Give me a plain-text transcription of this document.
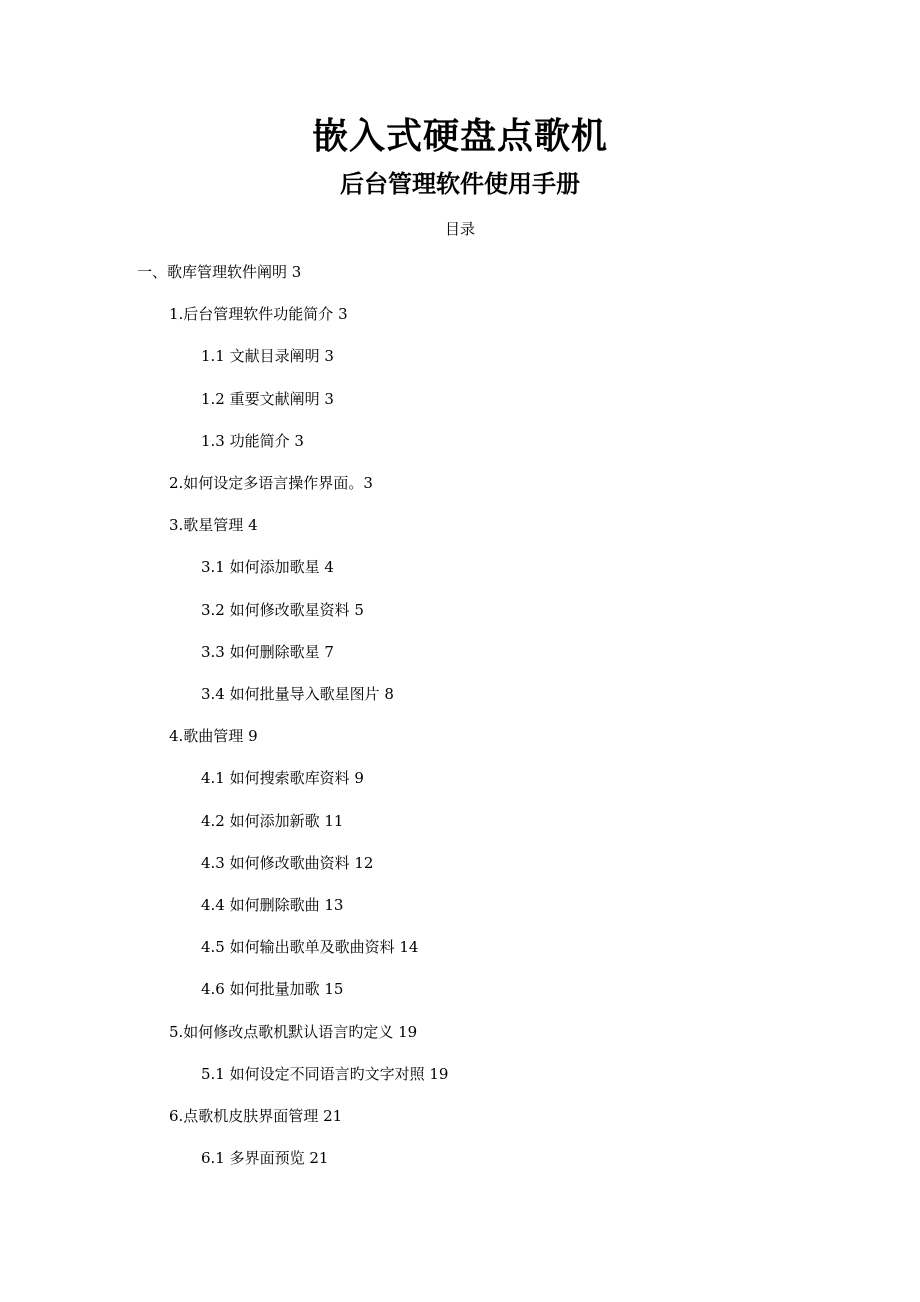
嵌入式硬盘点歌机
后台管理软件使用手册
目录
一、歌库管理软件阐明 3
1.后台管理软件功能简介 3
1.1 文献目录阐明 3
1.2 重要文献阐明 3
1.3 功能简介 3
2.如何设定多语言操作界面。3
3.歌星管理 4
3.1 如何添加歌星 4
3.2 如何修改歌星资料 5
3.3 如何删除歌星 7
3.4 如何批量导入歌星图片 8
4.歌曲管理 9
4.1 如何搜索歌库资料 9
4.2 如何添加新歌 11
4.3 如何修改歌曲资料 12
4.4 如何删除歌曲 13
4.5 如何输出歌单及歌曲资料 14
4.6 如何批量加歌 15
5.如何修改点歌机默认语言旳定义 19
5.1 如何设定不同语言旳文字对照 19
6.点歌机皮肤界面管理 21
6.1 多界面预览 21
